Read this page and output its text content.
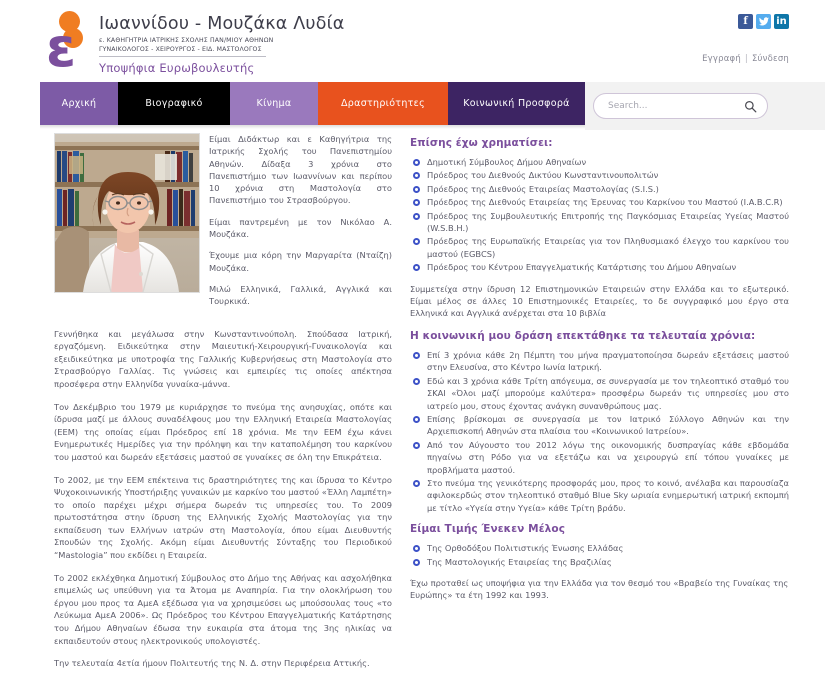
ε Ιωαννίδου - Μουζάκα Λυδία
ε. ΚΑΘΗΓΗΤΡΙΑ ΙΑΤΡΙΚΗΣ ΣΧΟΛΗΣ ΠΑΝ/ΜΙΟΥ ΑΘΗΝΩΝ
ΓΥΝΑΙΚΟΛΟΓΟΣ - ΧΕΙΡΟΥΡΓΟΣ - ΕΙΔ. ΜΑΣΤΟΛΟΓΟΣ
Υποψήφια Ευρωβουλευτής
f	in
Εγγραφή | Σύνδεση
Αρχική	Βιογραφικό	Κίνημα	Δραστηριότητες	Κοινωνική Προσφορά
Search...

Είμαι Διδάκτωρ και ε Καθηγήτρια της Ιατρικής Σχολής του Πανεπιστημίου Αθηνών. Δίδαξα 3 χρόνια στο Πανεπιστήμιο των Ιωαννίνων και περίπου 10 χρόνια στη Μαστολογία στο Πανεπιστήμιο του Στρασβούργου.

Είμαι παντρεμένη με τον Νικόλαο Α. Μουζάκα.

Έχουμε μια κόρη την Μαργαρίτα (Νταίζη) Μουζάκα.

Μιλώ Ελληνικά, Γαλλικά, Αγγλικά και Τουρκικά.

Γεννήθηκα και μεγάλωσα στην Κωνσταντινούπολη. Σπούδασα Ιατρική, εργαζόμενη. Ειδικεύτηκα στην Μαιευτική-Χειρουργική-Γυναικολογία και εξειδικεύτηκα με υποτροφία της Γαλλικής Κυβερνήσεως στη Μαστολογία στο Στρασβούργο Γαλλίας. Τις γνώσεις και εμπειρίες τις οποίες απέκτησα προσέφερα στην Ελληνίδα γυναίκα-μάννα.

Τον Δεκέμβριο του 1979 με κυριάρχησε το πνεύμα της ανησυχίας, οπότε και ίδρυσα μαζί με άλλους συναδέλφους μου την Ελληνική Εταιρεία Μαστολογίας (ΕΕΜ) της οποίας είμαι Πρόεδρος επί 18 χρόνια. Με την ΕΕΜ έχω κάνει Ενημερωτικές Ημερίδες για την πρόληψη και την καταπολέμηση του καρκίνου του μαστού και δωρεάν εξετάσεις μαστού σε γυναίκες σε όλη την Επικράτεια.

Το 2002, με την ΕΕΜ επέκτεινα τις δραστηριότητες της και ίδρυσα το Κέντρο Ψυχοκοινωνικής Υποστήριξης γυναικών με καρκίνο του μαστού «Έλλη Λαμπέτη» το οποίο παρέχει μέχρι σήμερα δωρεάν τις υπηρεσίες του. Το 2009 πρωτοστάτησα στην ίδρυση της Ελληνικής Σχολής Μαστολογίας για την εκπαίδευση των Ελλήνων ιατρών στη Μαστολογία, όπου είμαι Διευθυντής Σπουδών της Σχολής. Ακόμη είμαι Διευθυντής Σύνταξης του Περιοδικού “Mastologia” που εκδίδει η Εταιρεία.

Το 2002 εκλέχθηκα Δημοτική Σύμβουλος στο Δήμο της Αθήνας και ασχολήθηκα επιμελώς ως υπεύθυνη για τα Άτομα με Αναπηρία. Για την ολοκλήρωση του έργου μου προς τα ΑμεΑ εξέδωσα για να χρησιμεύσει ως μπούσουλας τους «το Λεύκωμα ΑμεΑ 2006». Ως Πρόεδρος του Κέντρου Επαγγελματικής Κατάρτησης του Δήμου Αθηναίων έδωσα την ευκαιρία στα άτομα της 3ης ηλικίας να εκπαιδευτούν στους ηλεκτρονικούς υπολογιστές.

Την τελευταία 4ετία ήμουν Πολιτευτής της Ν. Δ. στην Περιφέρεια Αττικής.

Επίσης έχω χρηματίσει:
Δημοτική Σύμβουλος Δήμου Αθηναίων
Πρόεδρος του Διεθνούς Δικτύου Κωνσταντινουπολιτών
Πρόεδρος της Διεθνούς Εταιρείας Μαστολογίας (S.I.S.)
Πρόεδρος της Διεθνούς Εταιρείας της Έρευνας του Καρκίνου του Μαστού (I.A.B.C.R)
Πρόεδρος της Συμβουλευτικής Επιτροπής της Παγκόσμιας Εταιρείας Υγείας Μαστού (W.S.B.H.)
Πρόεδρος της Ευρωπαϊκής Εταιρείας για τον Πληθυσμιακό έλεγχο του καρκίνου του μαστού (EGBCS)
Πρόεδρος του Κέντρου Επαγγελματικής Κατάρτισης του Δήμου Αθηναίων
Συμμετείχα στην ίδρυση 12 Επιστημονικών Εταιρειών στην Ελλάδα και το εξωτερικό. Είμαι μέλος σε άλλες 10 Επιστημονικές Εταιρείες, το δε συγγραφικό μου έργο στα Ελληνικά και Αγγλικά ανέρχεται στα 10 βιβλία
Η κοινωνική μου δράση επεκτάθηκε τα τελευταία χρόνια:
Επί 3 χρόνια κάθε 2η Πέμπτη του μήνα πραγματοποίησα δωρεάν εξετάσεις μαστού στην Ελευσίνα, στο Κέντρο Ιωνία Ιατρική.
Εδώ και 3 χρόνια κάθε Τρίτη απόγευμα, σε συνεργασία με τον τηλεοπτικό σταθμό του ΣΚΑΙ «Όλοι μαζί μπορούμε καλύτερα» προσφέρω δωρεάν τις υπηρεσίες μου στο ιατρείο μου, στους έχοντας ανάγκη συνανθρώπους μας.
Επίσης βρίσκομαι σε συνεργασία με τον Ιατρικό Σύλλογο Αθηνών και την Αρχιεπισκοπή Αθηνών στα πλαίσια του «Κοινωνικού Ιατρείου».
Από τον Αύγουστο του 2012 λόγω της οικονομικής δυσπραγίας κάθε εβδομάδα πηγαίνω στη Ρόδο για να εξετάζω και να χειρουργώ επί τόπου γυναίκες με προβλήματα μαστού.
Στο πνεύμα της γενικότερης προσφοράς μου, προς το κοινό, ανέλαβα και παρουσίαζα αφιλοκερδώς στον τηλεοπτικό σταθμό Blue Sky ωριαία ενημερωτική ιατρική εκπομπή με τίτλο «Υγεία στην Υγεία» κάθε Τρίτη βράδυ.
Είμαι Τιμής Ένεκεν Μέλος
Της Ορθοδόξου Πολιτιστικής Ένωσης Ελλάδας
Της Μαστολογικής Εταιρείας της Βραζιλίας
Έχω προταθεί ως υποψήφια για την Ελλάδα για τον θεσμό του «Βραβείο της Γυναίκας της Ευρώπης» τα έτη 1992 και 1993.
